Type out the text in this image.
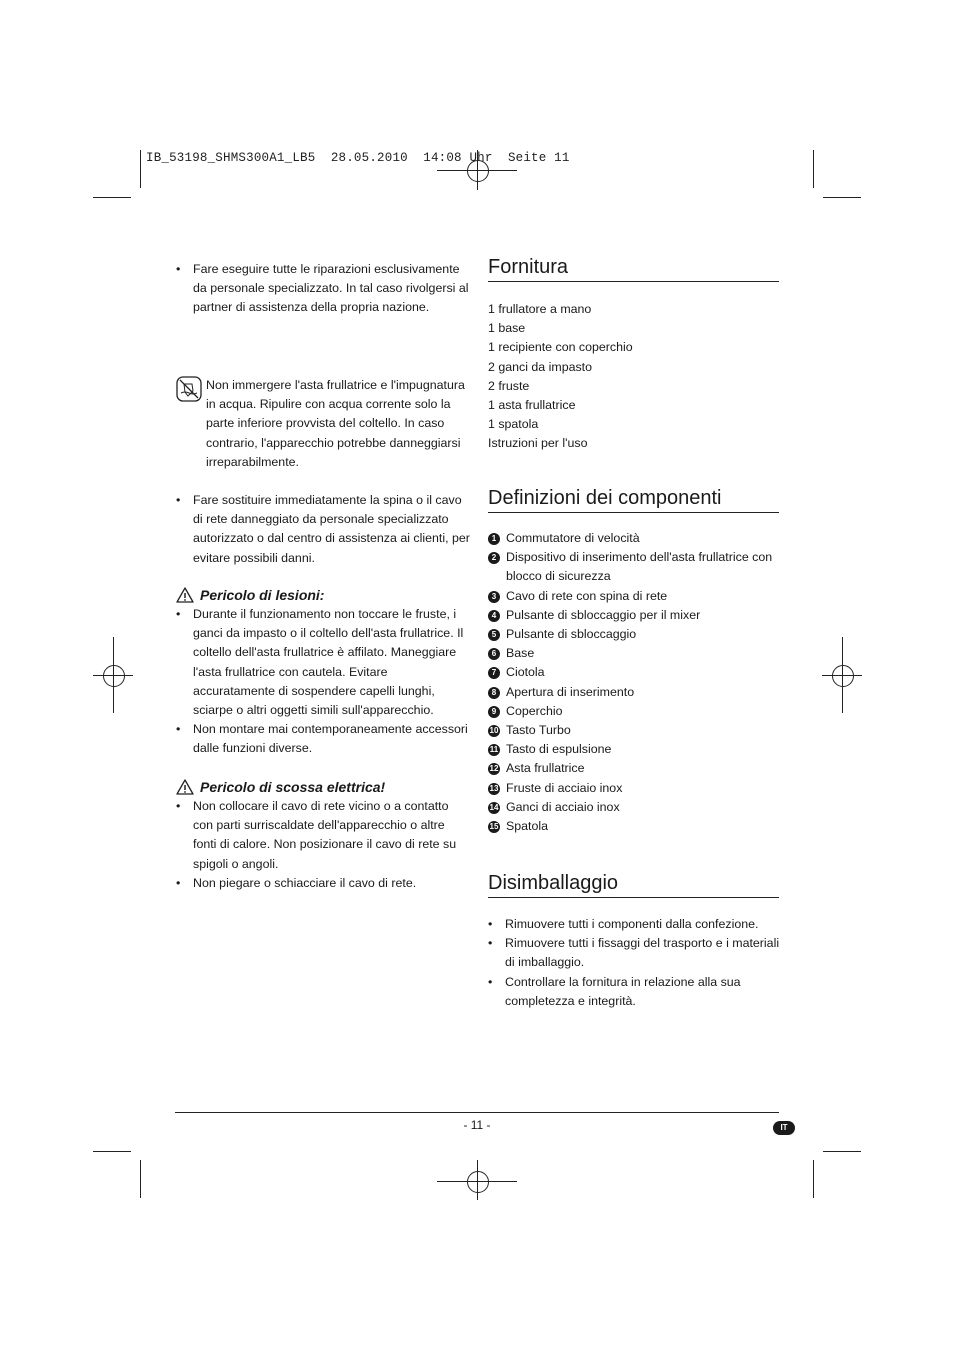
IB_53198_SHMS300A1_LB5  28.05.2010  14:08 Uhr  Seite 11
• Fare eseguire tutte le riparazioni esclusivamente da personale specializzato. In tal caso rivolgersi al partner di assistenza della propria nazione.
Non immergere l'asta frullatrice e l'impugnatura in acqua. Ripulire con acqua corrente solo la parte inferiore provvista del coltello. In caso contrario, l'apparecchio potrebbe danneggiarsi irreparabilmente.
• Fare sostituire immediatamente la spina o il cavo di rete danneggiato da personale specializzato autorizzato o dal centro di assistenza ai clienti, per evitare possibili danni.
Pericolo di lesioni:
• Durante il funzionamento non toccare le fruste, i ganci da impasto o il coltello dell'asta frullatrice. Il coltello dell'asta frullatrice è affilato. Maneggiare l'asta frullatrice con cautela. Evitare accuratamente di sospendere capelli lunghi, sciarpe o altri oggetti simili sull'apparecchio.
• Non montare mai contemporaneamente accessori dalle funzioni diverse.
Pericolo di scossa elettrica!
• Non collocare il cavo di rete vicino o a contatto con parti surriscaldate dell'apparecchio o altre fonti di calore. Non posizionare il cavo di rete su spigoli o angoli.
• Non piegare o schiacciare il cavo di rete.
Fornitura
1 frullatore a mano
1 base
1 recipiente con coperchio
2 ganci da impasto
2 fruste
1 asta frullatrice
1 spatola
Istruzioni per l'uso
Definizioni dei componenti
1 Commutatore di velocità
2 Dispositivo di inserimento dell'asta frullatrice con blocco di sicurezza
3 Cavo di rete con spina di rete
4 Pulsante di sbloccaggio per il mixer
5 Pulsante di sbloccaggio
6 Base
7 Ciotola
8 Apertura di inserimento
9 Coperchio
10 Tasto Turbo
11 Tasto di espulsione
12 Asta frullatrice
13 Fruste di acciaio inox
14 Ganci di acciaio inox
15 Spatola
Disimballaggio
• Rimuovere tutti i componenti dalla confezione.
• Rimuovere tutti i fissaggi del trasporto e i materiali di imballaggio.
• Controllare la fornitura in relazione alla sua completezza e integrità.
- 11 -	IT
